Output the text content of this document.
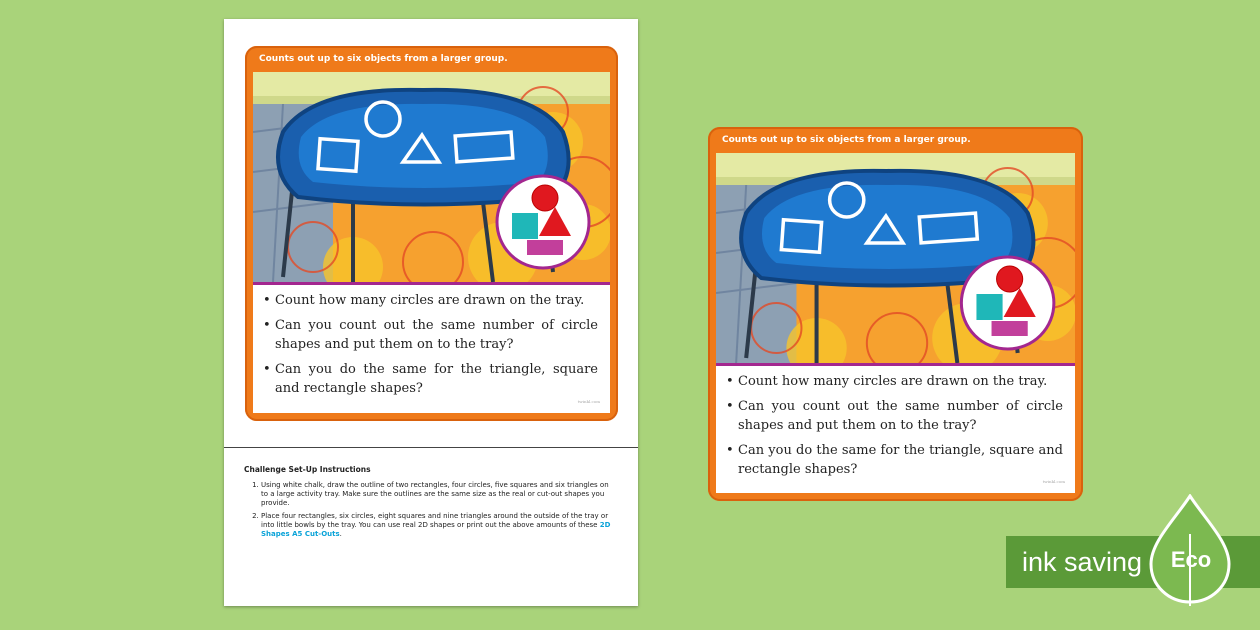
Counts out up to six objects from a larger group.
• Count how many circles are drawn on the tray.
• Can you count out the same number of circle shapes and put them on to the tray?
• Can you do the same for the triangle, square and rectangle shapes?
twinkl.com
Challenge Set-Up Instructions
1. Using white chalk, draw the outline of two rectangles, four circles, five squares and six triangles on to a large activity tray. Make sure the outlines are the same size as the real or cut-out shapes you provide.
2. Place four rectangles, six circles, eight squares and nine triangles around the outside of the tray or into little bowls by the tray. You can use real 2D shapes or print out the above amounts of these 2D Shapes A5 Cut-Outs.
Counts out up to six objects from a larger group.
• Count how many circles are drawn on the tray.
• Can you count out the same number of circle shapes and put them on to the tray?
• Can you do the same for the triangle, square and rectangle shapes?
twinkl.com
ink saving	Eco
